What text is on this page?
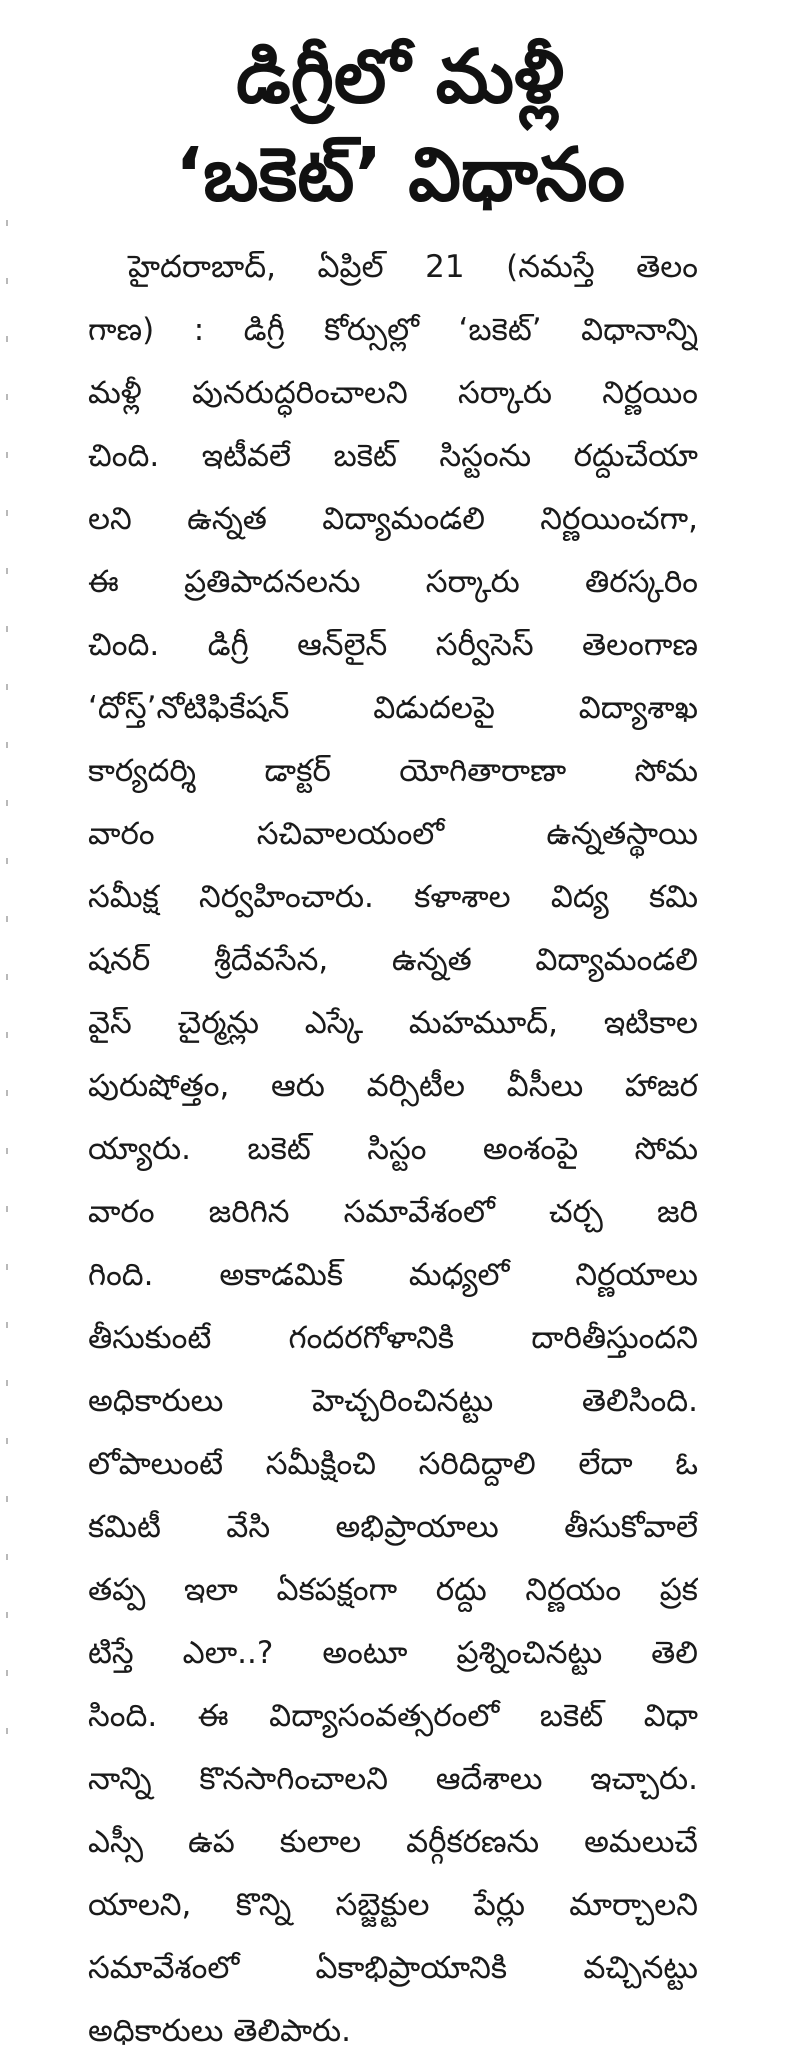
డిగ్రీలో మళ్లీ
‘బకెట్’ విధానం
హైదరాబాద్, ఏప్రిల్ 21 (నమస్తే తెలం
గాణ) : డిగ్రీ కోర్సుల్లో ‘బకెట్’ విధానాన్ని
మళ్లీ పునరుద్ధరించాలని సర్కారు నిర్ణయిం
చింది. ఇటీవలే బకెట్ సిస్టంను రద్దుచేయా
లని ఉన్నత విద్యామండలి నిర్ణయించగా,
ఈ ప్రతిపాదనలను సర్కారు తిరస్కరిం
చింది. డిగ్రీ ఆన్‌లైన్ సర్వీసెస్ తెలంగాణ
‘దోస్త్’నోటిఫికేషన్ విడుదలపై విద్యాశాఖ
కార్యదర్శి డాక్టర్ యోగితారాణా సోమ
వారం సచివాలయంలో ఉన్నతస్థాయి
సమీక్ష నిర్వహించారు. కళాశాల విద్య కమి
షనర్ శ్రీదేవసేన, ఉన్నత విద్యామండలి
వైస్ చైర్మన్లు ఎస్కే మహమూద్, ఇటికాల
పురుషోత్తం, ఆరు వర్సిటీల వీసీలు హాజర
య్యారు. బకెట్ సిస్టం అంశంపై సోమ
వారం జరిగిన సమావేశంలో చర్చ జరి
గింది. అకాడమిక్ మధ్యలో నిర్ణయాలు
తీసుకుంటే గందరగోళానికి దారితీస్తుందని
అధికారులు హెచ్చరించినట్టు తెలిసింది.
లోపాలుంటే సమీక్షించి సరిదిద్దాలి లేదా ఓ
కమిటీ వేసి అభిప్రాయాలు తీసుకోవాలే
తప్ప ఇలా ఏకపక్షంగా రద్దు నిర్ణయం ప్రక
టిస్తే ఎలా..? అంటూ ప్రశ్నించినట్టు తెలి
సింది. ఈ విద్యాసంవత్సరంలో బకెట్ విధా
నాన్ని కొనసాగించాలని ఆదేశాలు ఇచ్చారు.
ఎస్సీ ఉప కులాల వర్గీకరణను అమలుచే
యాలని, కొన్ని సబ్జెక్టుల పేర్లు మార్చాలని
సమావేశంలో ఏకాభిప్రాయానికి వచ్చినట్టు
అధికారులు తెలిపారు.
